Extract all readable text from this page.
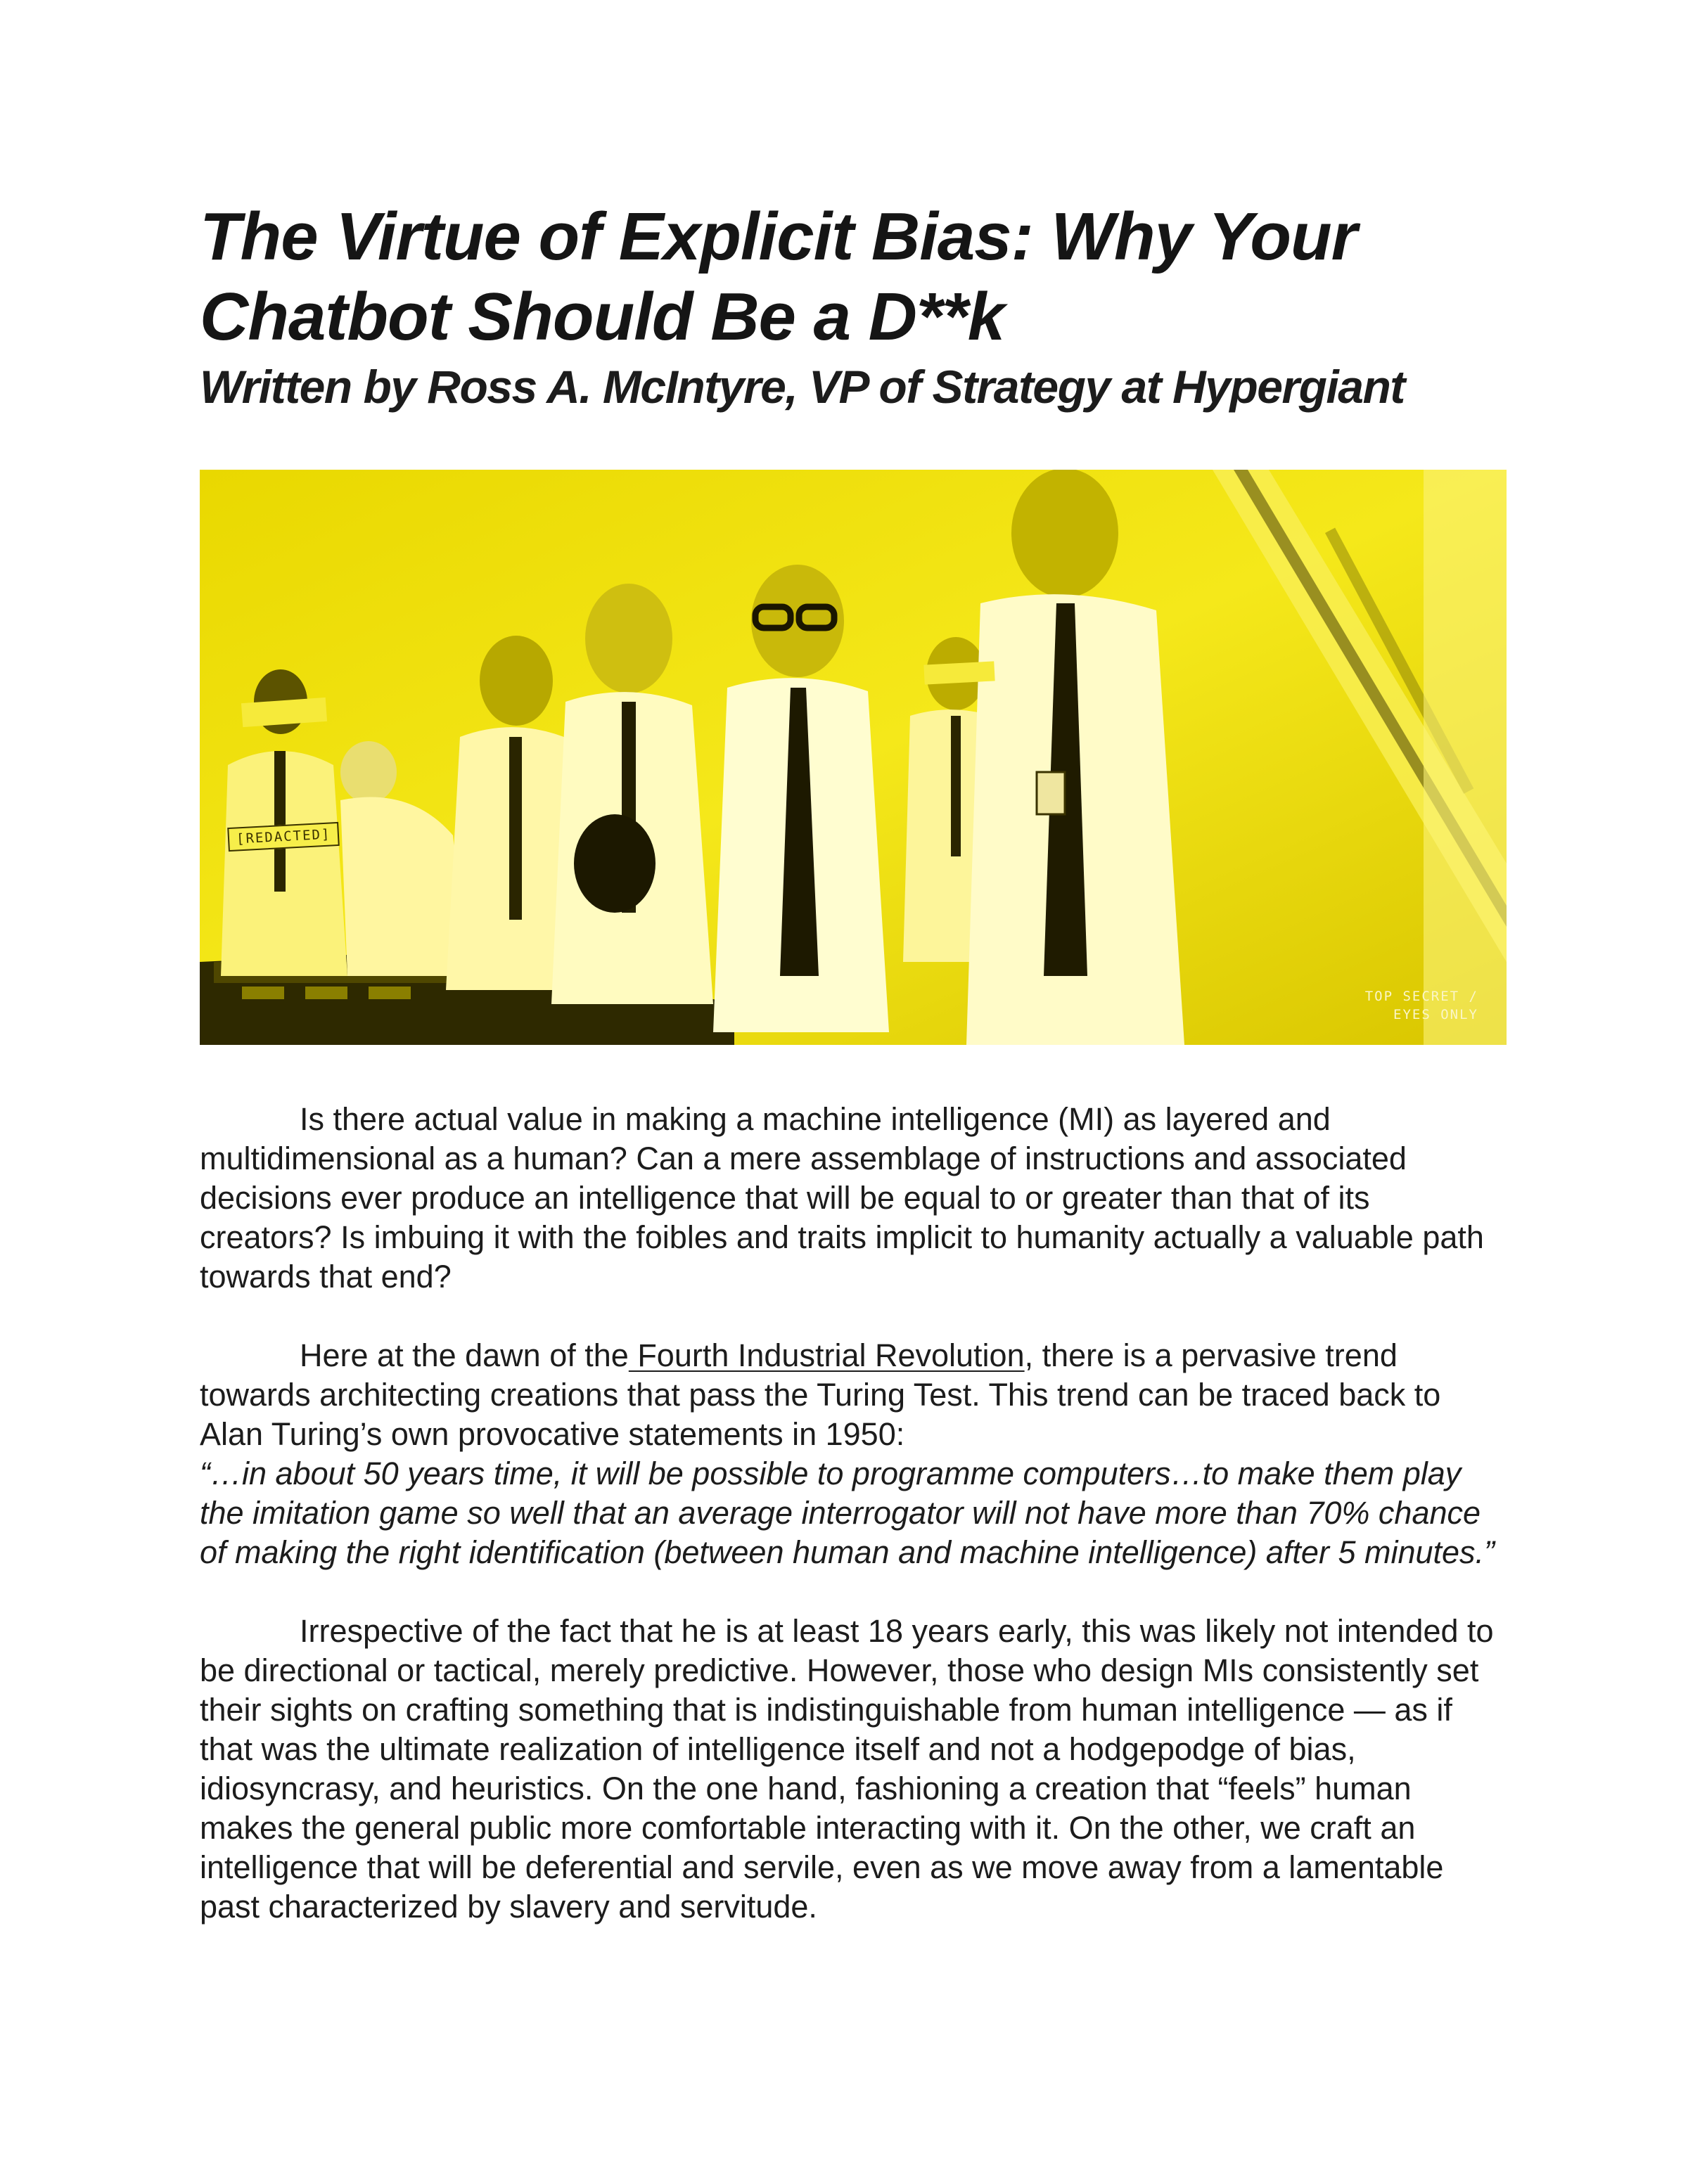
The Virtue of Explicit Bias: Why Your Chatbot Should Be a D**k
Written by Ross A. McIntyre, VP of Strategy at Hypergiant
[REDACTED]
TOP SECRET /
EYES ONLY

Is there actual value in making a machine intelligence (MI) as layered and multidimensional as a human? Can a mere assemblage of instructions and associated decisions ever produce an intelligence that will be equal to or greater than that of its creators? Is imbuing it with the foibles and traits implicit to humanity actually a valuable path towards that end?

Here at the dawn of the Fourth Industrial Revolution, there is a pervasive trend towards architecting creations that pass the Turing Test. This trend can be traced back to Alan Turing’s own provocative statements in 1950:
“…in about 50 years time, it will be possible to programme computers…to make them play the imitation game so well that an average interrogator will not have more than 70% chance of making the right identification (between human and machine intelligence) after 5 minutes.”

Irrespective of the fact that he is at least 18 years early, this was likely not intended to be directional or tactical, merely predictive. However, those who design MIs consistently set their sights on crafting something that is indistinguishable from human intelligence — as if that was the ultimate realization of intelligence itself and not a hodgepodge of bias, idiosyncrasy, and heuristics. On the one hand, fashioning a creation that “feels” human makes the general public more comfortable interacting with it. On the other, we craft an intelligence that will be deferential and servile, even as we move away from a lamentable past characterized by slavery and servitude.
